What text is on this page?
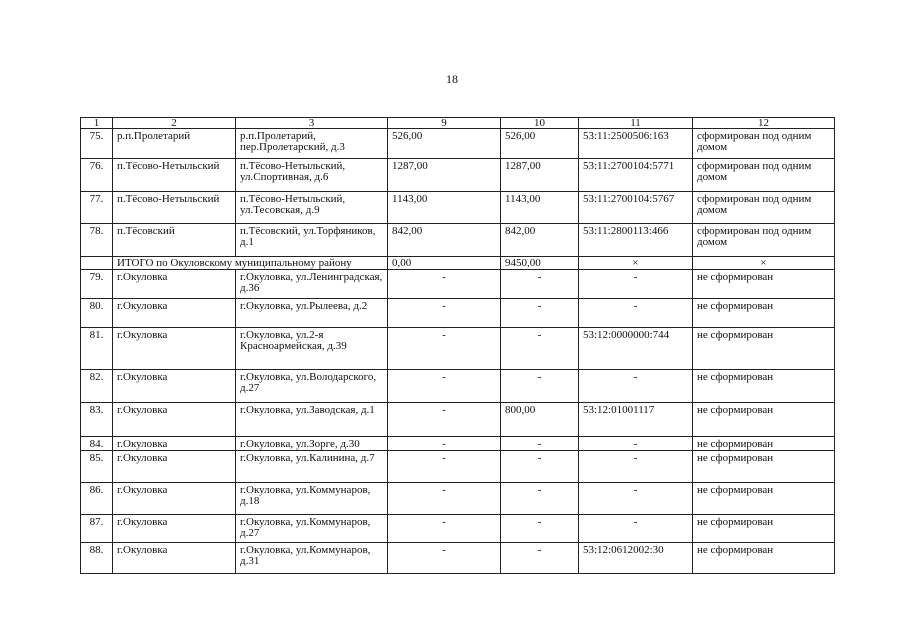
18
1	2	3	9	10	11	12
75.	р.п.Пролетарий	р.п.Пролетарий, пер.Пролетарский, д.3	526,00	526,00	53:11:2500506:163	сформирован под одним домом
76.	п.Тёсово-Нетыльский	п.Тёсово-Нетыльский, ул.Спортивная, д.6	1287,00	1287,00	53:11:2700104:5771	сформирован под одним домом
77.	п.Тёсово-Нетыльский	п.Тёсово-Нетыльский, ул.Тесовская, д.9	1143,00	1143,00	53:11:2700104:5767	сформирован под одним домом
78.	п.Тёсовский	п.Тёсовский, ул.Торфяников, д.1	842,00	842,00	53:11:2800113:466	сформирован под одним домом
	ИТОГО по Окуловскому муниципальному району		0,00	9450,00	×	×
79.	г.Окуловка	г.Окуловка, ул.Ленинградская, д.36	-	-	-	не сформирован
80.	г.Окуловка	г.Окуловка, ул.Рылеева, д.2	-	-	-	не сформирован
81.	г.Окуловка	г.Окуловка, ул.2-я Красноармейская, д.39	-	-	53:12:0000000:744	не сформирован
82.	г.Окуловка	г.Окуловка, ул.Володарского, д.27	-	-	-	не сформирован
83.	г.Окуловка	г.Окуловка, ул.Заводская, д.1	-	800,00	53:12:01001117	не сформирован
84.	г.Окуловка	г.Окуловка, ул.Зорге, д.30	-	-	-	не сформирован
85.	г.Окуловка	г.Окуловка, ул.Калинина, д.7	-	-	-	не сформирован
86.	г.Окуловка	г.Окуловка, ул.Коммунаров, д.18	-	-	-	не сформирован
87.	г.Окуловка	г.Окуловка, ул.Коммунаров, д.27	-	-	-	не сформирован
88.	г.Окуловка	г.Окуловка, ул.Коммунаров, д.31	-	-	53:12:0612002:30	не сформирован
